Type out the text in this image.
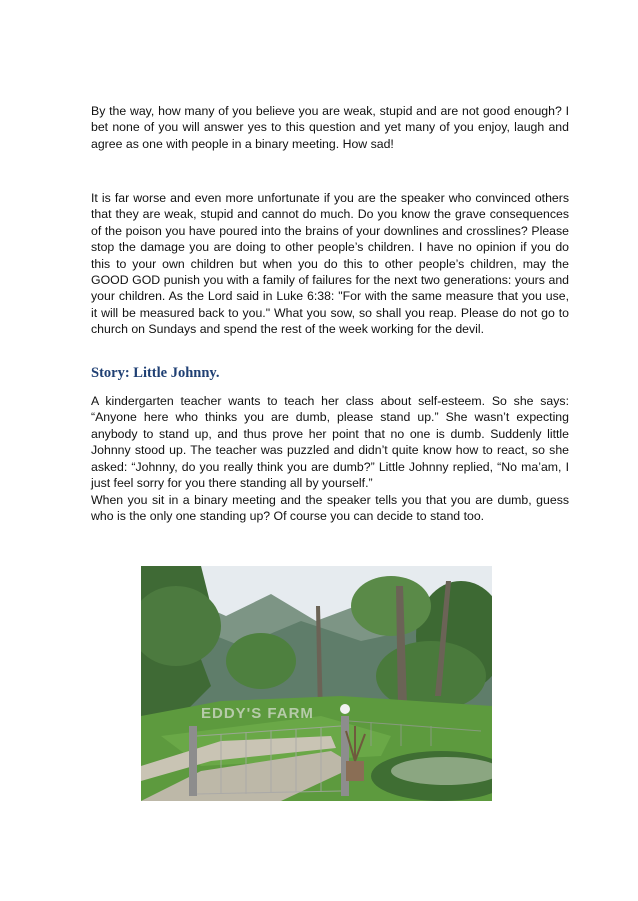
By the way, how many of you believe you are weak, stupid and are not good enough? I bet none of you will answer yes to this question and yet many of you enjoy, laugh and agree as one with people in a binary meeting. How sad!

It is far worse and even more unfortunate if you are the speaker who convinced others that they are weak, stupid and cannot do much. Do you know the grave consequences of the poison you have poured into the brains of your downlines and crosslines? Please stop the damage you are doing to other people’s children. I have no opinion if you do this to your own children but when you do this to other people’s children, may the GOOD GOD punish you with a family of failures for the next two generations: yours and your children. As the Lord said in Luke 6:38: "For with the same measure that you use, it will be measured back to you." What you sow, so shall you reap. Please do not go to church on Sundays and spend the rest of the week working for the devil.

Story: Little Johnny.

A kindergarten teacher wants to teach her class about self-esteem. So she says: “Anyone here who thinks you are dumb, please stand up.” She wasn’t expecting anybody to stand up, and thus prove her point that no one is dumb. Suddenly little Johnny stood up. The teacher was puzzled and didn’t quite know how to react, so she asked: “Johnny, do you really think you are dumb?” Little Johnny replied, “No ma’am, I just feel sorry for you there standing all by yourself.”

When you sit in a binary meeting and the speaker tells you that you are dumb, guess who is the only one standing up? Of course you can decide to stand too.

EDDY'S FARM
